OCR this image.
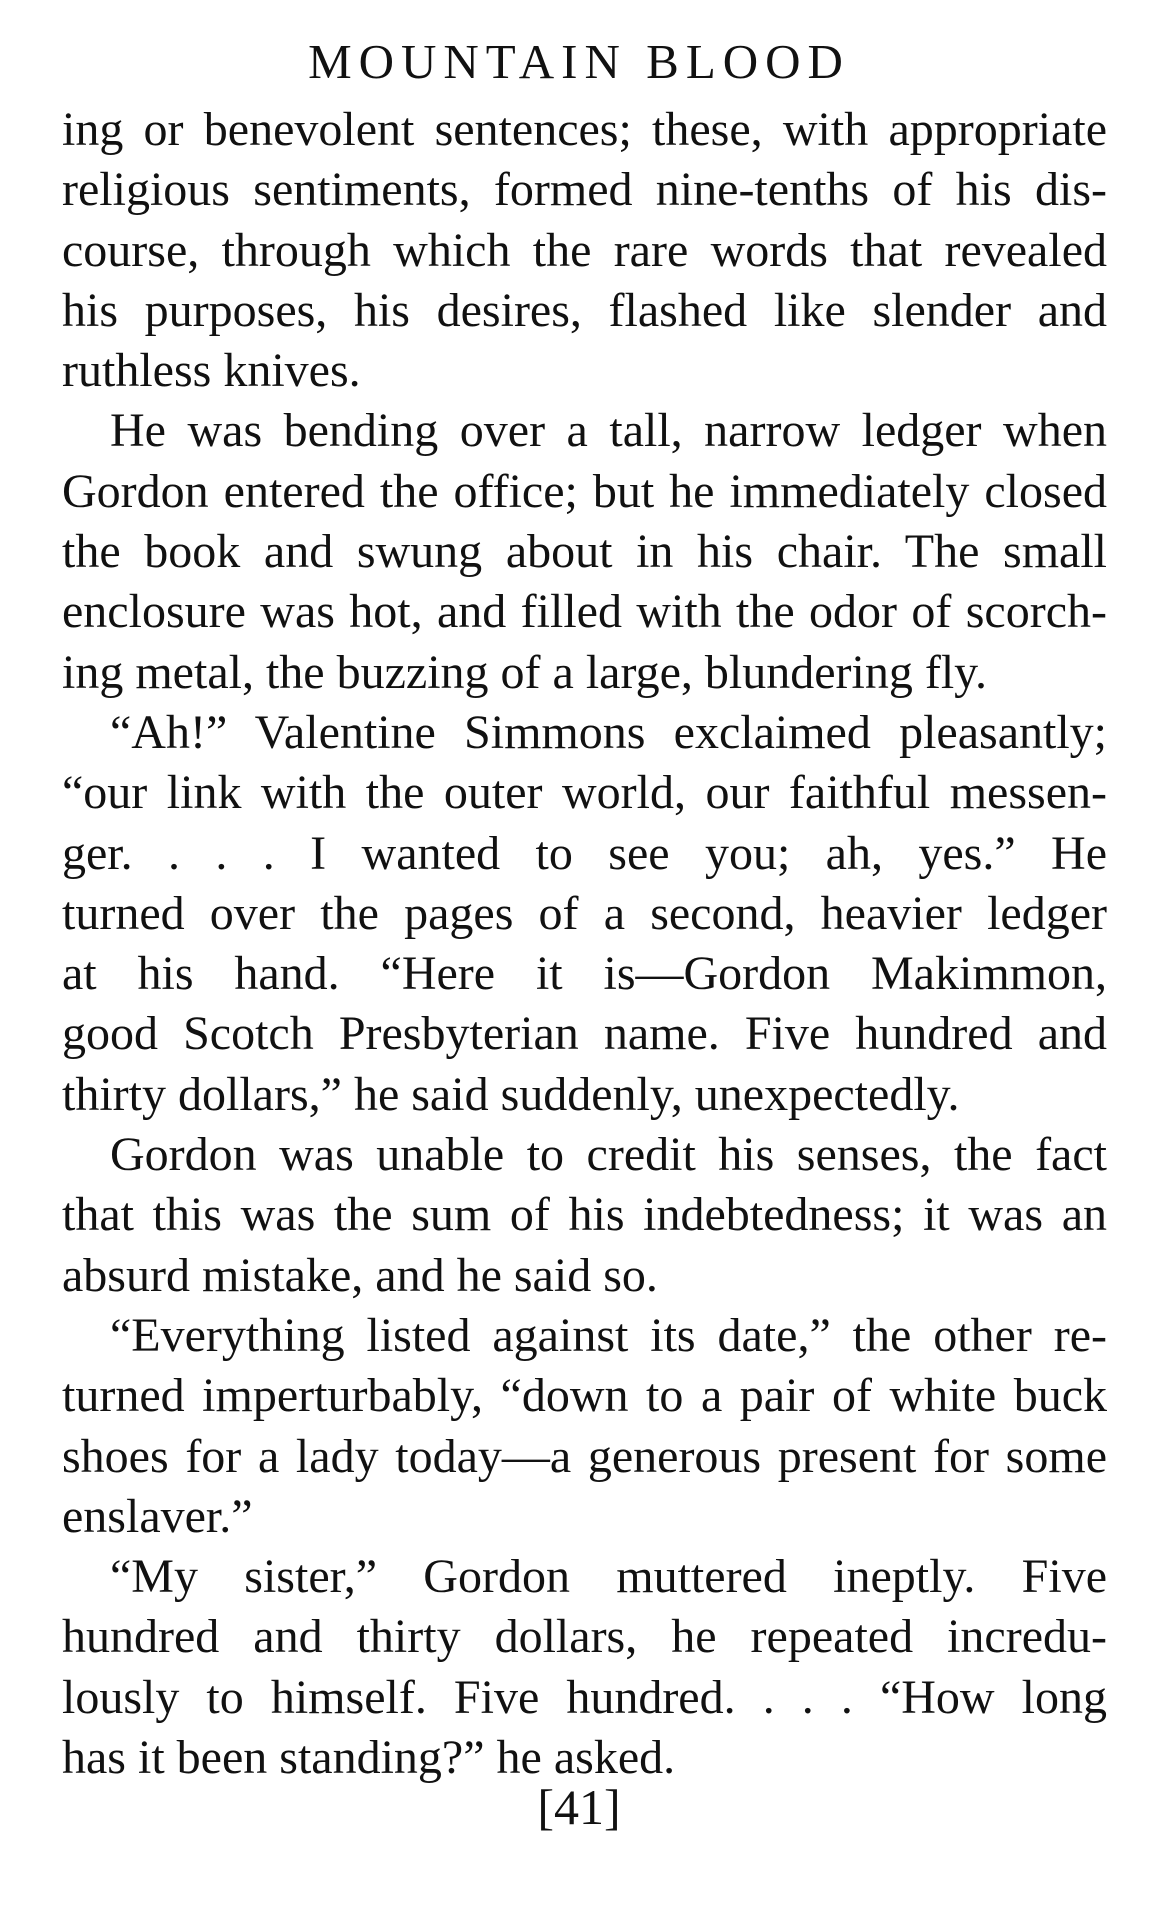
MOUNTAIN BLOOD

ing or benevolent sentences; these, with appropriate
religious sentiments, formed nine-tenths of his dis-
course, through which the rare words that revealed
his purposes, his desires, flashed like slender and
ruthless knives.

He was bending over a tall, narrow ledger when
Gordon entered the office; but he immediately closed
the book and swung about in his chair. The small
enclosure was hot, and filled with the odor of scorch-
ing metal, the buzzing of a large, blundering fly.

“Ah!” Valentine Simmons exclaimed pleasantly;
“our link with the outer world, our faithful messen-
ger. . . . I wanted to see you; ah, yes.” He
turned over the pages of a second, heavier ledger
at his hand. “Here it is—Gordon Makimmon,
good Scotch Presbyterian name. Five hundred and
thirty dollars,” he said suddenly, unexpectedly.

Gordon was unable to credit his senses, the fact
that this was the sum of his indebtedness; it was an
absurd mistake, and he said so.

“Everything listed against its date,” the other re-
turned imperturbably, “down to a pair of white buck
shoes for a lady today—a generous present for some
enslaver.”

“My sister,” Gordon muttered ineptly. Five
hundred and thirty dollars, he repeated incredu-
lously to himself. Five hundred. . . . “How long
has it been standing?” he asked.

[41]
